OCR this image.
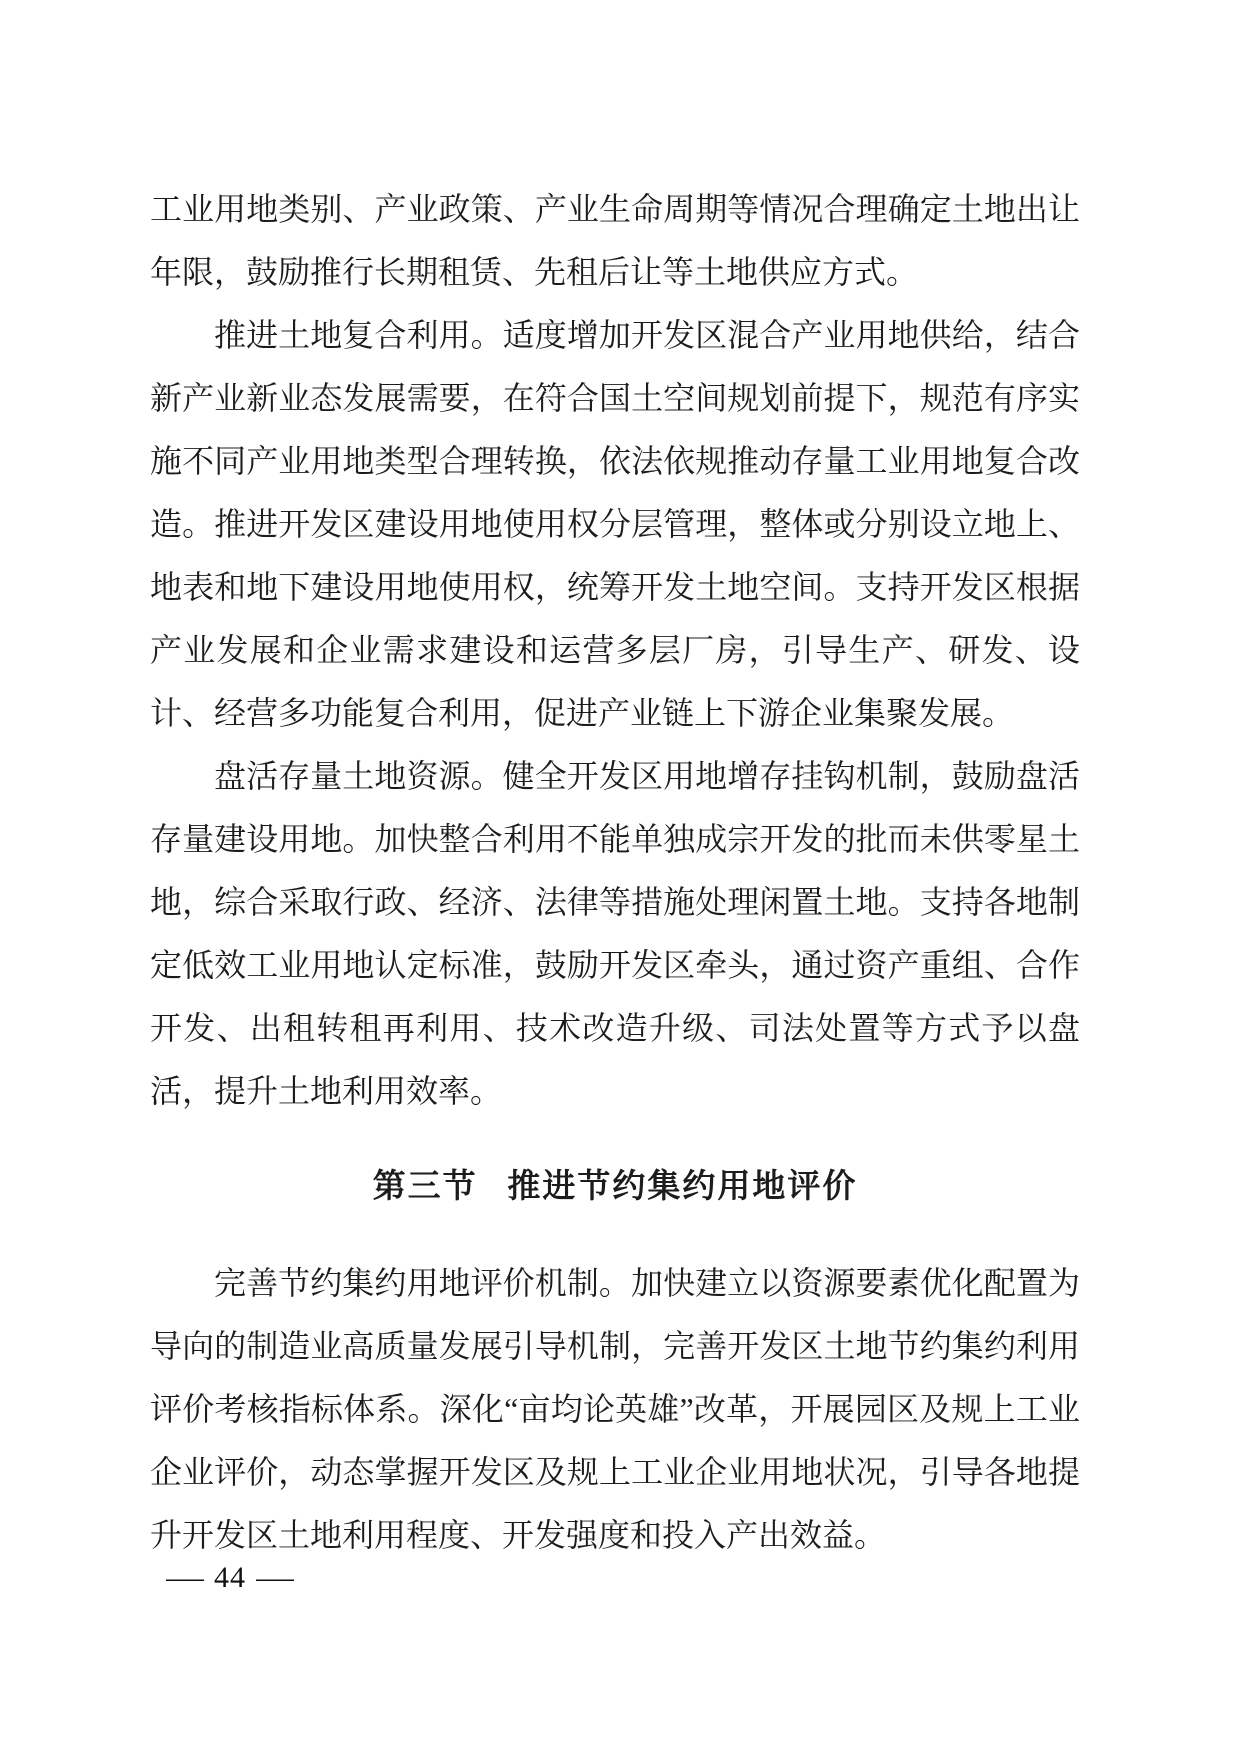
工业用地类别、产业政策、产业生命周期等情况合理确定土地出让年限，鼓励推行长期租赁、先租后让等土地供应方式。

推进土地复合利用。适度增加开发区混合产业用地供给，结合新产业新业态发展需要，在符合国土空间规划前提下，规范有序实施不同产业用地类型合理转换，依法依规推动存量工业用地复合改造。推进开发区建设用地使用权分层管理，整体或分别设立地上、地表和地下建设用地使用权，统筹开发土地空间。支持开发区根据产业发展和企业需求建设和运营多层厂房，引导生产、研发、设计、经营多功能复合利用，促进产业链上下游企业集聚发展。

盘活存量土地资源。健全开发区用地增存挂钩机制，鼓励盘活存量建设用地。加快整合利用不能单独成宗开发的批而未供零星土地，综合采取行政、经济、法律等措施处理闲置土地。支持各地制定低效工业用地认定标准，鼓励开发区牵头，通过资产重组、合作开发、出租转租再利用、技术改造升级、司法处置等方式予以盘活，提升土地利用效率。

第三节 推进节约集约用地评价

完善节约集约用地评价机制。加快建立以资源要素优化配置为导向的制造业高质量发展引导机制，完善开发区土地节约集约利用评价考核指标体系。深化“亩均论英雄”改革，开展园区及规上工业企业评价，动态掌握开发区及规上工业企业用地状况，引导各地提升开发区土地利用程度、开发强度和投入产出效益。

— 44 —
